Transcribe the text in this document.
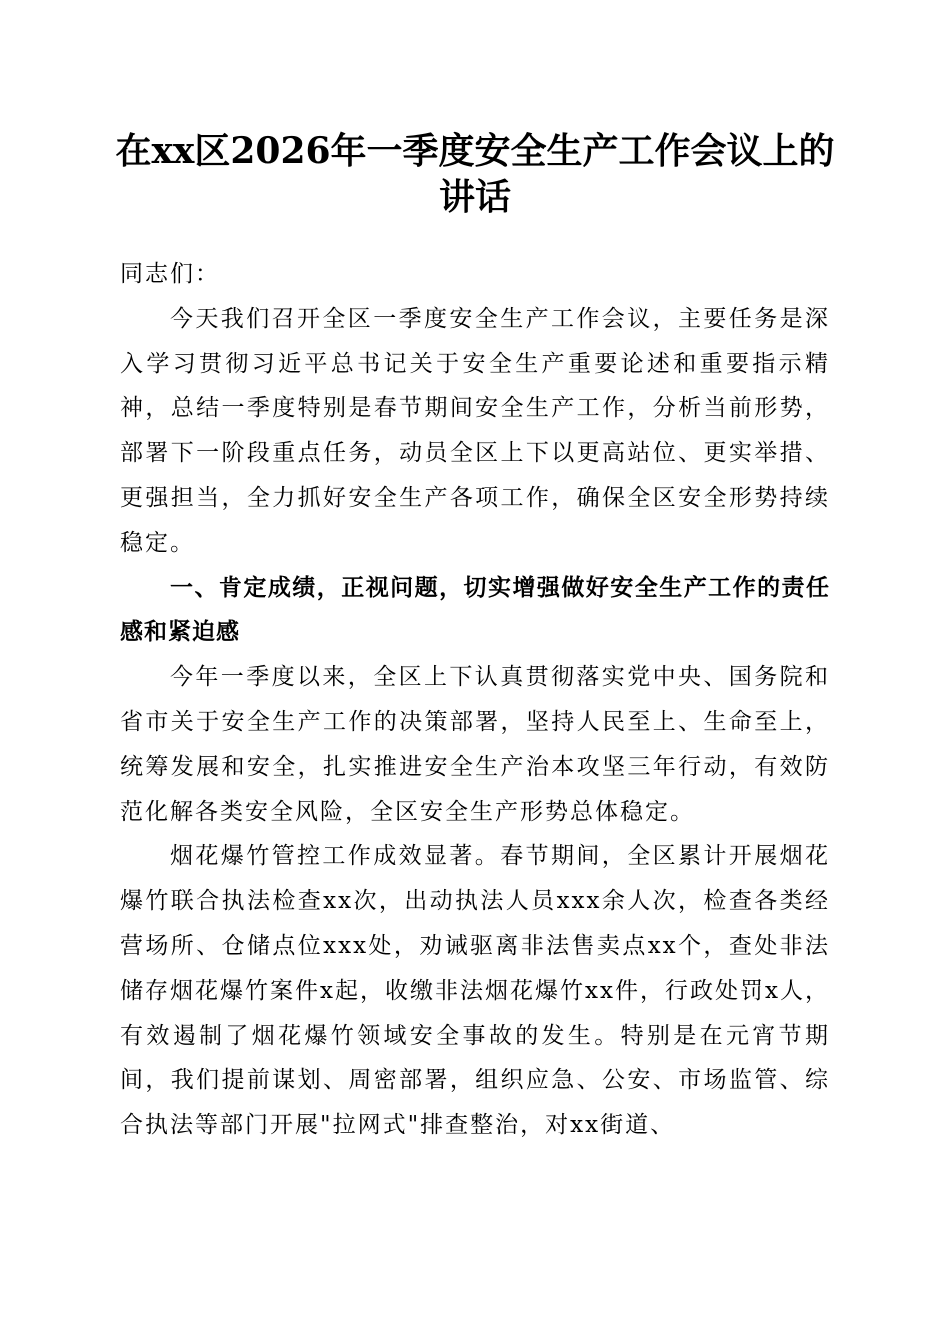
在xx区2026年一季度安全生产工作会议上的讲话

同志们：

今天我们召开全区一季度安全生产工作会议，主要任务是深入学习贯彻习近平总书记关于安全生产重要论述和重要指示精神，总结一季度特别是春节期间安全生产工作，分析当前形势，部署下一阶段重点任务，动员全区上下以更高站位、更实举措、更强担当，全力抓好安全生产各项工作，确保全区安全形势持续稳定。

一、肯定成绩，正视问题，切实增强做好安全生产工作的责任感和紧迫感

今年一季度以来，全区上下认真贯彻落实党中央、国务院和省市关于安全生产工作的决策部署，坚持人民至上、生命至上，统筹发展和安全，扎实推进安全生产治本攻坚三年行动，有效防范化解各类安全风险，全区安全生产形势总体稳定。

烟花爆竹管控工作成效显著。春节期间，全区累计开展烟花爆竹联合执法检查xx次，出动执法人员xxx余人次，检查各类经营场所、仓储点位xxx处，劝诫驱离非法售卖点xx个，查处非法储存烟花爆竹案件x起，收缴非法烟花爆竹xx件，行政处罚x人，有效遏制了烟花爆竹领域安全事故的发生。特别是在元宵节期间，我们提前谋划、周密部署，组织应急、公安、市场监管、综合执法等部门开展"拉网式"排查整治，对xx街道、
